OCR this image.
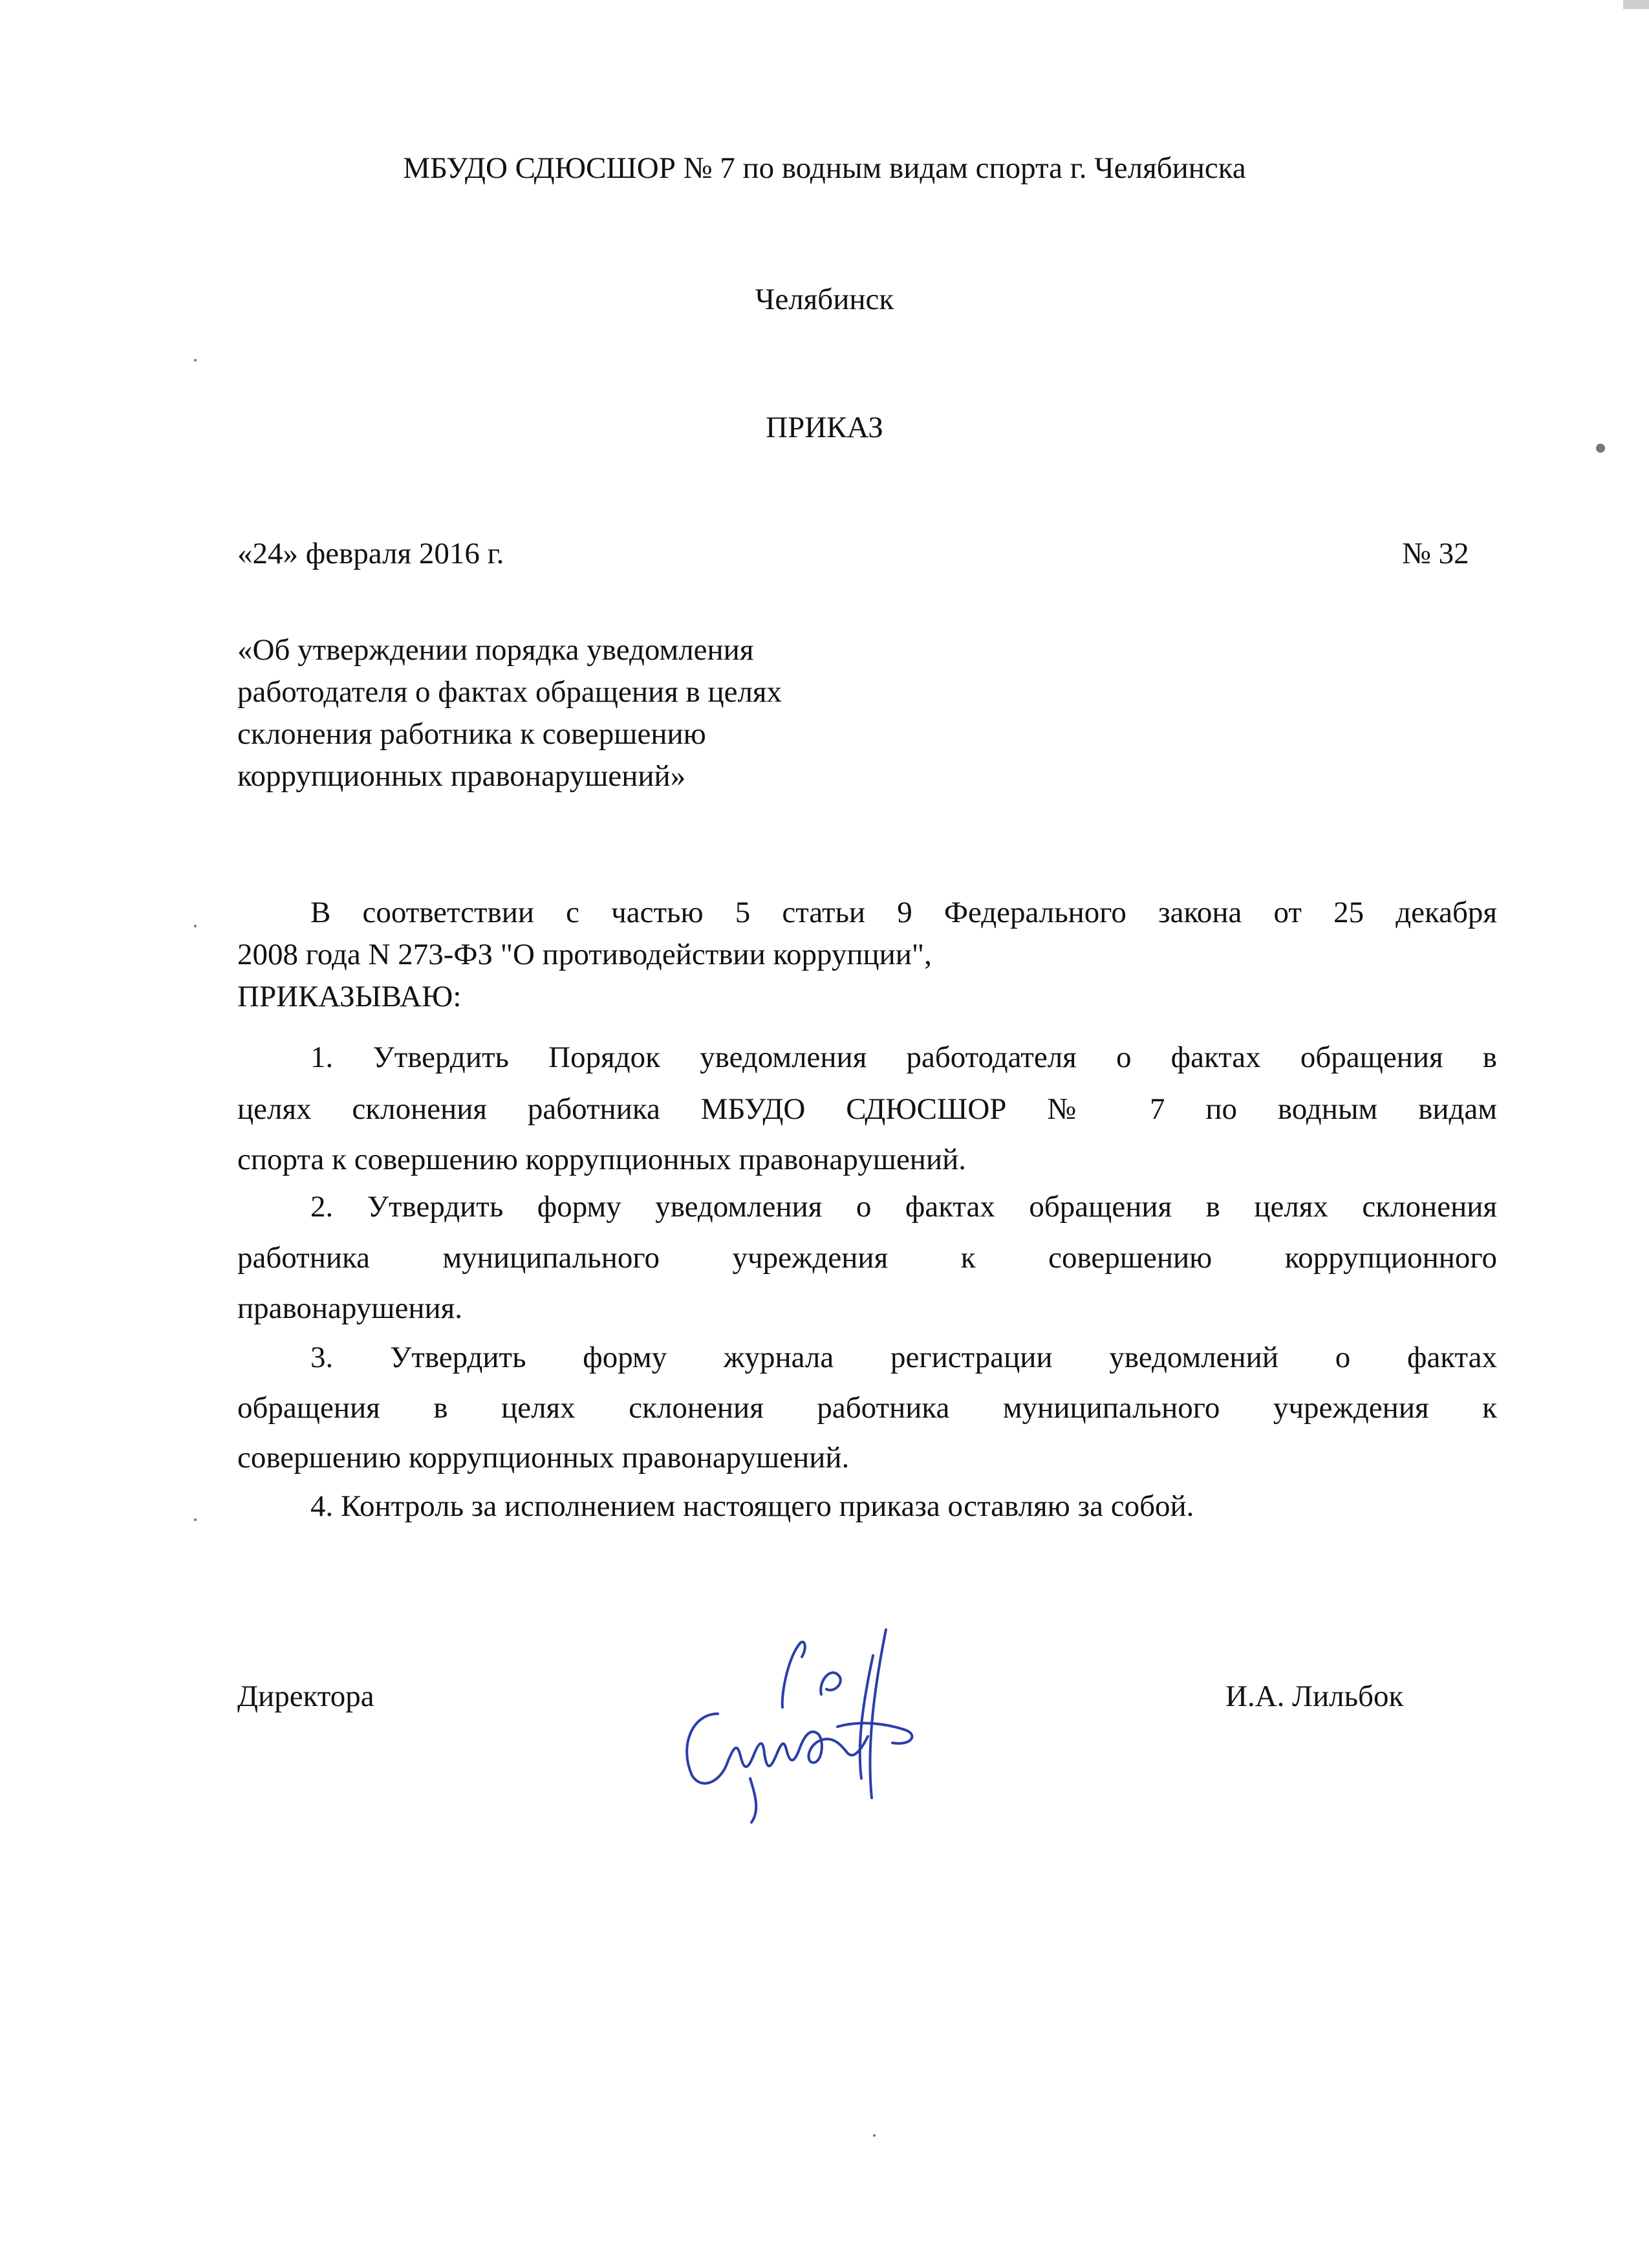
МБУДО СДЮСШОР № 7 по водным видам спорта г. Челябинска
Челябинск
ПРИКАЗ
«24» февраля 2016 г.	№ 32
«Об утверждении порядка уведомления
работодателя о фактах обращения в целях
склонения работника к совершению
коррупционных правонарушений»
В соответствии с частью 5 статьи 9 Федерального закона от 25 декабря
2008 года N 273-ФЗ "О противодействии коррупции",
ПРИКАЗЫВАЮ:
1. Утвердить Порядок уведомления работодателя о фактах обращения в
целях склонения работника МБУДО СДЮСШОР № 7 по водным видам
спорта к совершению коррупционных правонарушений.
2. Утвердить форму уведомления о фактах обращения в целях склонения
работника муниципального учреждения к совершению коррупционного
правонарушения.
3. Утвердить форму журнала регистрации уведомлений о фактах
обращения в целях склонения работника муниципального учреждения к
совершению коррупционных правонарушений.
4. Контроль за исполнением настоящего приказа оставляю за собой.
Директора	И.А. Лильбок
